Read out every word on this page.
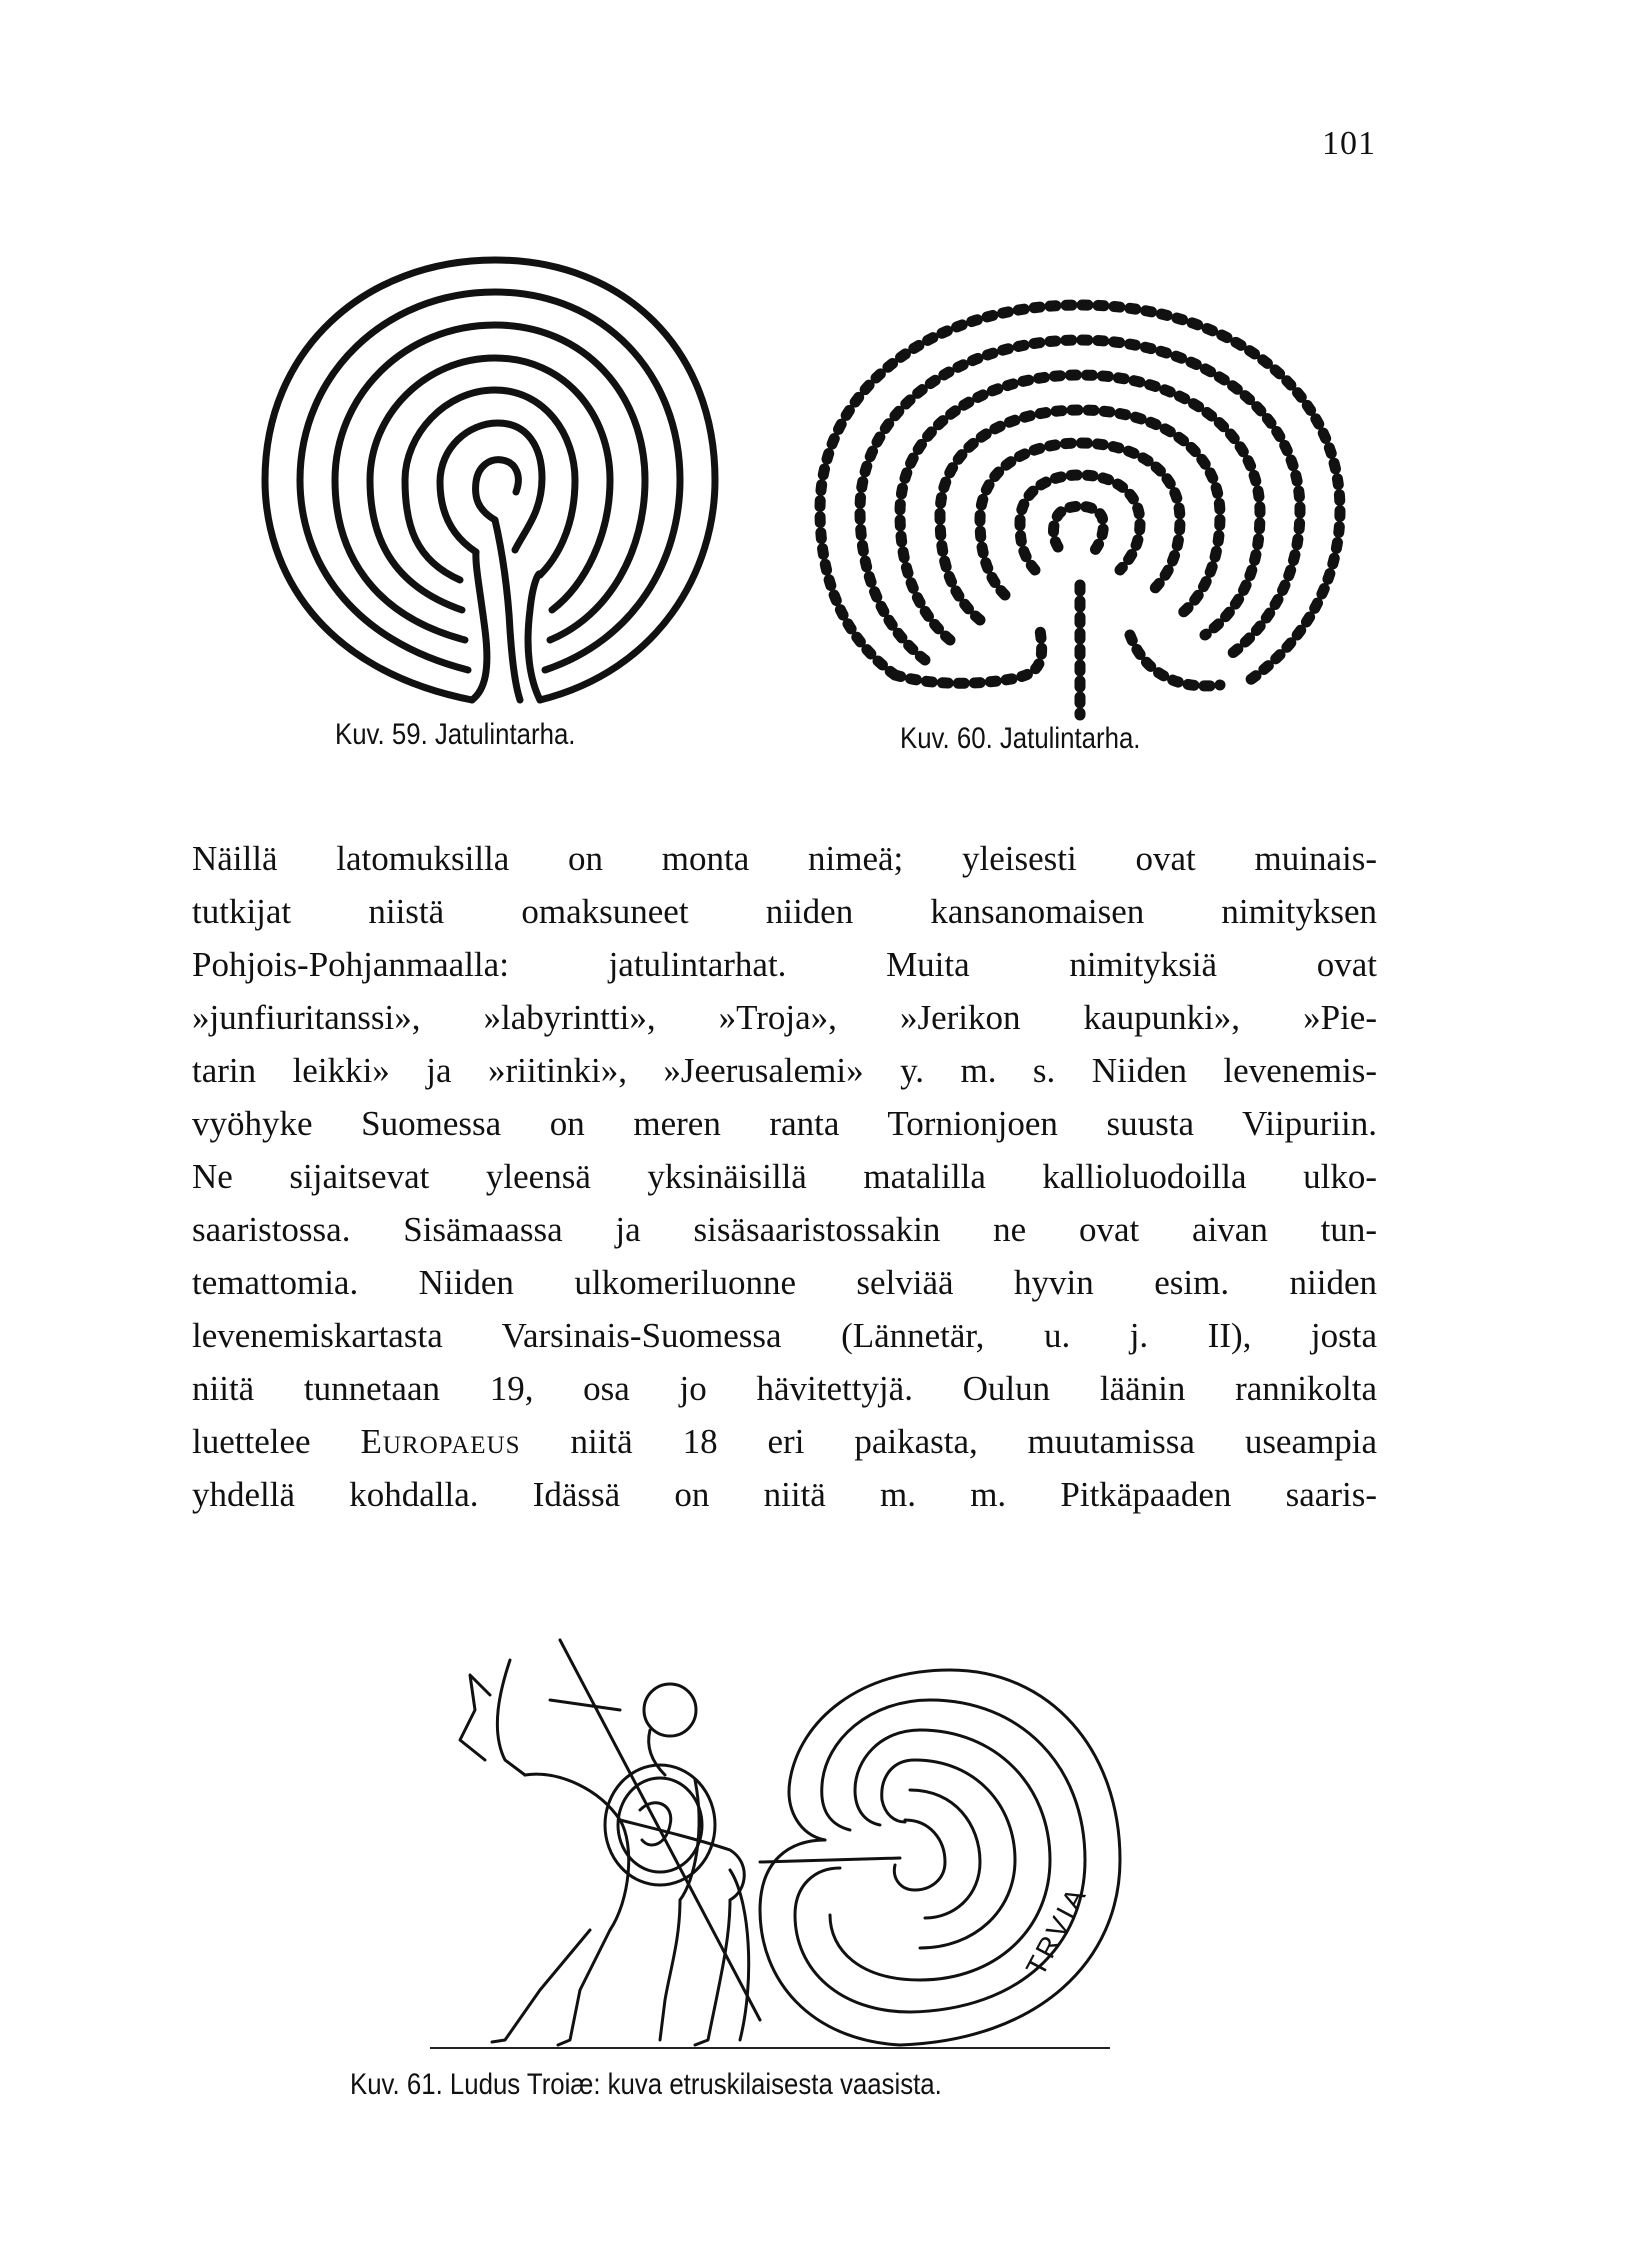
101
Kuv. 59. Jatulintarha.	Kuv. 60. Jatulintarha.
Näillä latomuksilla on monta nimeä; yleisesti ovat muinais-
tutkijat niistä omaksuneet niiden kansanomaisen nimityksen
Pohjois-Pohjanmaalla: jatulintarhat. Muita nimityksiä ovat
»junfiuritanssi», »labyrintti», »Troja», »Jerikon kaupunki», »Pie-
tarin leikki» ja »riitinki», »Jeerusalemi» y. m. s. Niiden levenemis-
vyöhyke Suomessa on meren ranta Tornionjoen suusta Viipuriin.
Ne sijaitsevat yleensä yksinäisillä matalilla kallioluodoilla ulko-
saaristossa. Sisämaassa ja sisäsaaristossakin ne ovat aivan tun-
temattomia. Niiden ulkomeriluonne selviää hyvin esim. niiden
levenemiskartasta Varsinais-Suomessa (Lännetär, u. j. II), josta
niitä tunnetaan 19, osa jo hävitettyjä. Oulun läänin rannikolta
luettelee Europaeus niitä 18 eri paikasta, muutamissa useampia
yhdellä kohdalla. Idässä on niitä m. m. Pitkäpaaden saaris-
TRVIA
Kuv. 61. Ludus Troiæ: kuva etruskilaisesta vaasista.
